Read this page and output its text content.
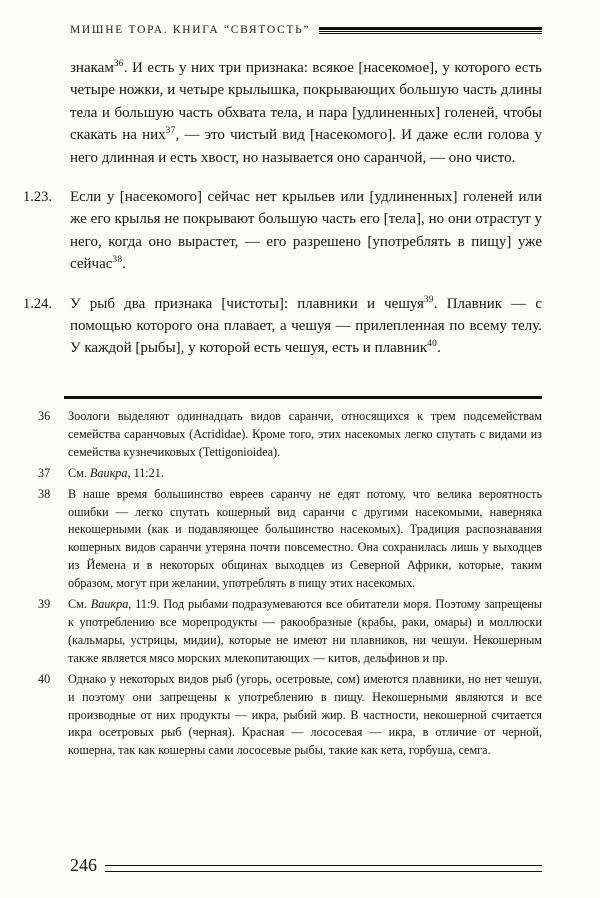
МИШНЕ ТОРА. КНИГА “СВЯТОСТЬ”

знакам$^{36}$. И есть у них три признака: всякое [насекомое], у которого есть четыре ножки, и четыре крылышка, покрывающих большую часть длины тела и большую часть обхвата тела, и пара [удлиненных] голеней, чтобы скакать на них$^{37}$, — это чистый вид [насекомого]. И даже если голова у него длинная и есть хвост, но называется оно саранчой, — оно чисто.

1.23. Если у [насекомого] сейчас нет крыльев или [удлиненных] голеней или же его крылья не покрывают большую часть его [тела], но они отрастут у него, когда оно вырастет, — его разрешено [употреблять в пищу] уже сейчас$^{38}$.

1.24. У рыб два признака [чистоты]: плавники и чешуя$^{39}$. Плавник — с помощью которого она плавает, а чешуя — прилепленная по всему телу. У каждой [рыбы], у которой есть чешуя, есть и плавник$^{40}$.

36 Зоологи выделяют одиннадцать видов саранчи, относящихся к трем подсемействам семейства саранчовых (Acrididae). Кроме того, этих насекомых легко спутать с видами из семейства кузнечиковых (Tettigonioidea).
37 См. Ваикра, 11:21.
38 В наше время большинство евреев саранчу не едят потому, что велика вероятность ошибки — легко спутать кошерный вид саранчи с другими насекомыми, наверняка некошерными (как и подавляющее большинство насекомых). Традиция распознавания кошерных видов саранчи утеряна почти повсеместно. Она сохранилась лишь у выходцев из Йемена и в некоторых общинах выходцев из Северной Африки, которые, таким образом, могут при желании, употреблять в пищу этих насекомых.
39 См. Ваикра, 11:9. Под рыбами подразумеваются все обитатели моря. Поэтому запрещены к употреблению все морепродукты — ракообразные (крабы, раки, омары) и моллюски (кальмары, устрицы, мидии), которые не имеют ни плавников, ни чешуи. Некошерным также является мясо морских млекопитающих — китов, дельфинов и пр.
40 Однако у некоторых видов рыб (угорь, осетровые, сом) имеются плавники, но нет чешуи, и поэтому они запрещены к употреблению в пищу. Некошерными являются и все производные от них продукты — икра, рыбий жир. В частности, некошерной считается икра осетровых рыб (черная). Красная — лососевая — икра, в отличие от черной, кошерна, так как кошерны сами лососевые рыбы, такие как кета, горбуша, семга.
246
